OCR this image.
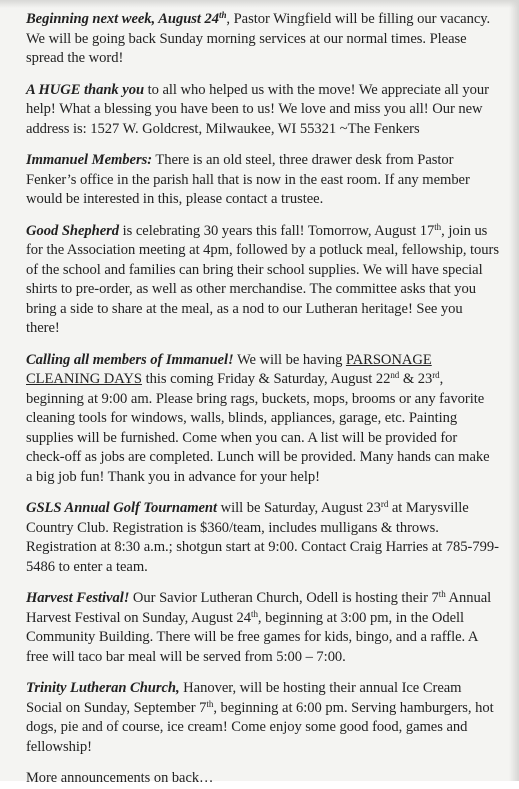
Beginning next week, August 24th, Pastor Wingfield will be filling our vacancy. We will be going back Sunday morning services at our normal times. Please spread the word!

A HUGE thank you to all who helped us with the move! We appreciate all your help! What a blessing you have been to us! We love and miss you all! Our new address is: 1527 W. Goldcrest, Milwaukee, WI 55321 ~The Fenkers

Immanuel Members: There is an old steel, three drawer desk from Pastor Fenker’s office in the parish hall that is now in the east room. If any member would be interested in this, please contact a trustee.

Good Shepherd is celebrating 30 years this fall! Tomorrow, August 17th, join us for the Association meeting at 4pm, followed by a potluck meal, fellowship, tours of the school and families can bring their school supplies. We will have special shirts to pre-order, as well as other merchandise. The committee asks that you bring a side to share at the meal, as a nod to our Lutheran heritage! See you there!

Calling all members of Immanuel! We will be having PARSONAGE CLEANING DAYS this coming Friday & Saturday, August 22nd & 23rd, beginning at 9:00 am. Please bring rags, buckets, mops, brooms or any favorite cleaning tools for windows, walls, blinds, appliances, garage, etc. Painting supplies will be furnished. Come when you can. A list will be provided for check-off as jobs are completed. Lunch will be provided. Many hands can make a big job fun! Thank you in advance for your help!

GSLS Annual Golf Tournament will be Saturday, August 23rd at Marysville Country Club. Registration is $360/team, includes mulligans & throws. Registration at 8:30 a.m.; shotgun start at 9:00. Contact Craig Harries at 785-799-5486 to enter a team.

Harvest Festival! Our Savior Lutheran Church, Odell is hosting their 7th Annual Harvest Festival on Sunday, August 24th, beginning at 3:00 pm, in the Odell Community Building. There will be free games for kids, bingo, and a raffle. A free will taco bar meal will be served from 5:00 – 7:00.

Trinity Lutheran Church, Hanover, will be hosting their annual Ice Cream Social on Sunday, September 7th, beginning at 6:00 pm. Serving hamburgers, hot dogs, pie and of course, ice cream! Come enjoy some good food, games and fellowship!

More announcements on back…
